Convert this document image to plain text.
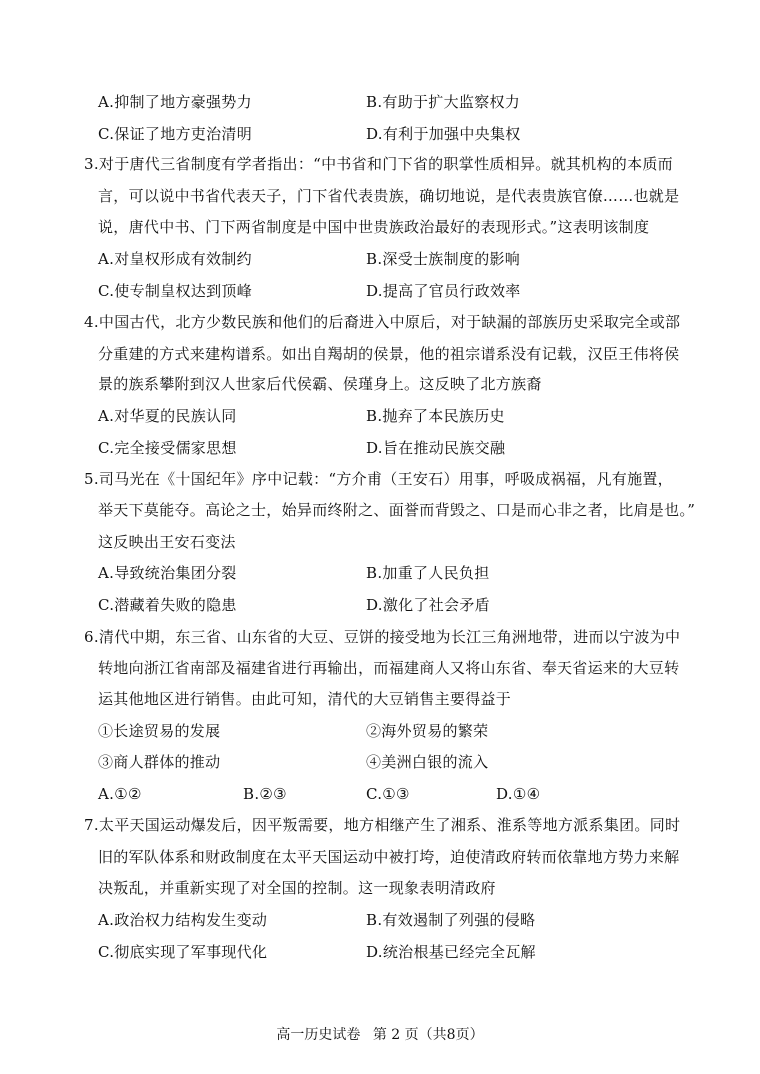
A.抑制了地方豪强势力	B.有助于扩大监察权力
C.保证了地方吏治清明	D.有利于加强中央集权
3.对于唐代三省制度有学者指出：“中书省和门下省的职掌性质相异。就其机构的本质而
言，可以说中书省代表天子，门下省代表贵族，确切地说，是代表贵族官僚……也就是
说，唐代中书、门下两省制度是中国中世贵族政治最好的表现形式。”这表明该制度
A.对皇权形成有效制约	B.深受士族制度的影响
C.使专制皇权达到顶峰	D.提高了官员行政效率
4.中国古代，北方少数民族和他们的后裔进入中原后，对于缺漏的部族历史采取完全或部
分重建的方式来建构谱系。如出自羯胡的侯景，他的祖宗谱系没有记载，汉臣王伟将侯
景的族系攀附到汉人世家后代侯霸、侯瑾身上。这反映了北方族裔
A.对华夏的民族认同	B.抛弃了本民族历史
C.完全接受儒家思想	D.旨在推动民族交融
5.司马光在《十国纪年》序中记载：“方介甫（王安石）用事，呼吸成祸福，凡有施置，
举天下莫能夺。高论之士，始异而终附之、面誉而背毁之、口是而心非之者，比肩是也。”
这反映出王安石变法
A.导致统治集团分裂	B.加重了人民负担
C.潜藏着失败的隐患	D.激化了社会矛盾
6.清代中期，东三省、山东省的大豆、豆饼的接受地为长江三角洲地带，进而以宁波为中
转地向浙江省南部及福建省进行再输出，而福建商人又将山东省、奉天省运来的大豆转
运其他地区进行销售。由此可知，清代的大豆销售主要得益于
①长途贸易的发展	②海外贸易的繁荣
③商人群体的推动	④美洲白银的流入
A.①②	B.②③	C.①③	D.①④
7.太平天国运动爆发后，因平叛需要，地方相继产生了湘系、淮系等地方派系集团。同时
旧的军队体系和财政制度在太平天国运动中被打垮，迫使清政府转而依靠地方势力来解
决叛乱，并重新实现了对全国的控制。这一现象表明清政府
A.政治权力结构发生变动	B.有效遏制了列强的侵略
C.彻底实现了军事现代化	D.统治根基已经完全瓦解
高一历史试卷 第 2 页（共8页）
